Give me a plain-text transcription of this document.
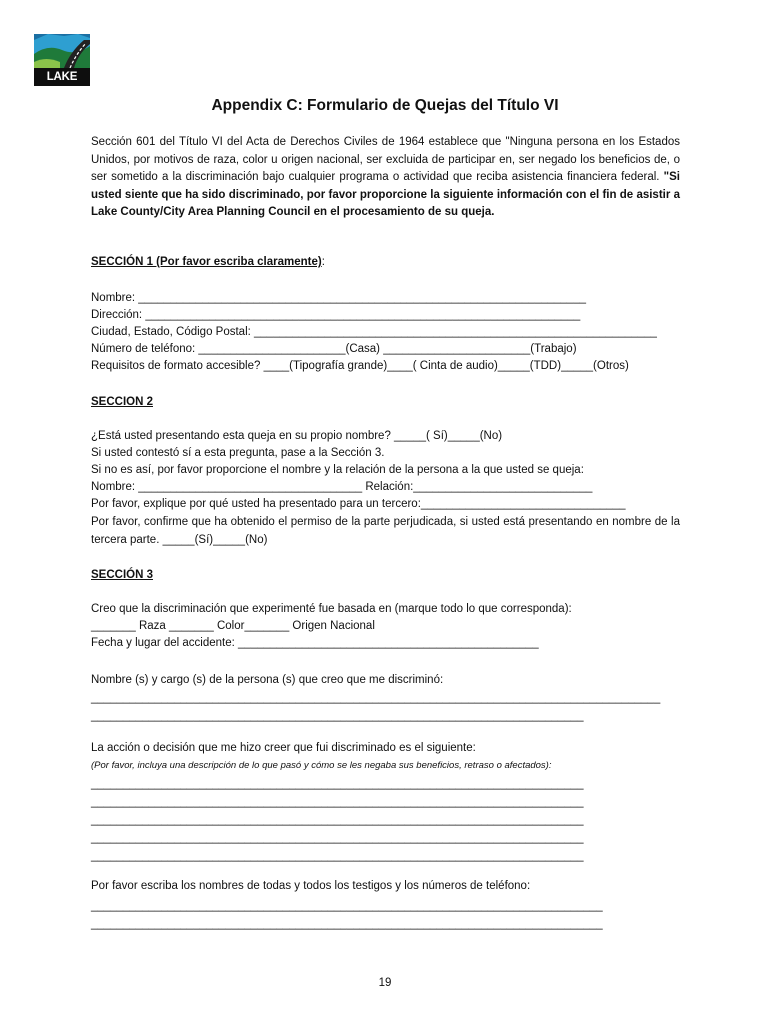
LAKE APC
Appendix C: Formulario de Quejas del Título VI
Sección 601 del Título VI del Acta de Derechos Civiles de 1964 establece que "Ninguna persona en los Estados Unidos, por motivos de raza, color u origen nacional, ser excluida de participar en, ser negado los beneficios de, o ser sometido a la discriminación bajo cualquier programa o actividad que reciba asistencia financiera federal. "Si usted siente que ha sido discriminado, por favor proporcione la siguiente información con el fin de asistir a Lake County/City Area Planning Council en el procesamiento de su queja.
SECCIÓN 1 (Por favor escriba claramente):
Nombre: ______________________________________________________________________
Dirección: ____________________________________________________________________
Ciudad, Estado, Código Postal: _______________________________________________________________
Número de teléfono: _______________________(Casa) _______________________(Trabajo)
Requisitos de formato accesible? ____(Tipografía grande)____( Cinta de audio)_____(TDD)_____(Otros)
SECCION 2
¿Está usted presentando esta queja en su propio nombre? _____( Sí)_____(No)
Si usted contestó sí a esta pregunta, pase a la Sección 3.
Si no es así, por favor proporcione el nombre y la relación de la persona a la que usted se queja:
Nombre: ___________________________________ Relación:____________________________
Por favor, explique por qué usted ha presentado para un tercero:________________________________
Por favor, confirme que ha obtenido el permiso de la parte perjudicada, si usted está presentando en nombre de la tercera parte. _____(Sí)_____(No)
SECCIÓN 3
Creo que la discriminación que experimenté fue basada en (marque todo lo que corresponda):
_______ Raza _______ Color_______ Origen Nacional
Fecha y lugar del accidente: _______________________________________________
Nombre (s) y cargo (s) de la persona (s) que creo que me discriminó:
_________________________________________________________________________________________
_____________________________________________________________________________
La acción o decisión que me hizo creer que fui discriminado es el siguiente:
(Por favor, incluya una descripción de lo que pasó y cómo se les negaba sus beneficios, retraso o afectados):
_____________________________________________________________________________
_____________________________________________________________________________
_____________________________________________________________________________
_____________________________________________________________________________
_____________________________________________________________________________
Por favor escriba los nombres de todas y todos los testigos y los números de teléfono:
________________________________________________________________________________
________________________________________________________________________________
19
